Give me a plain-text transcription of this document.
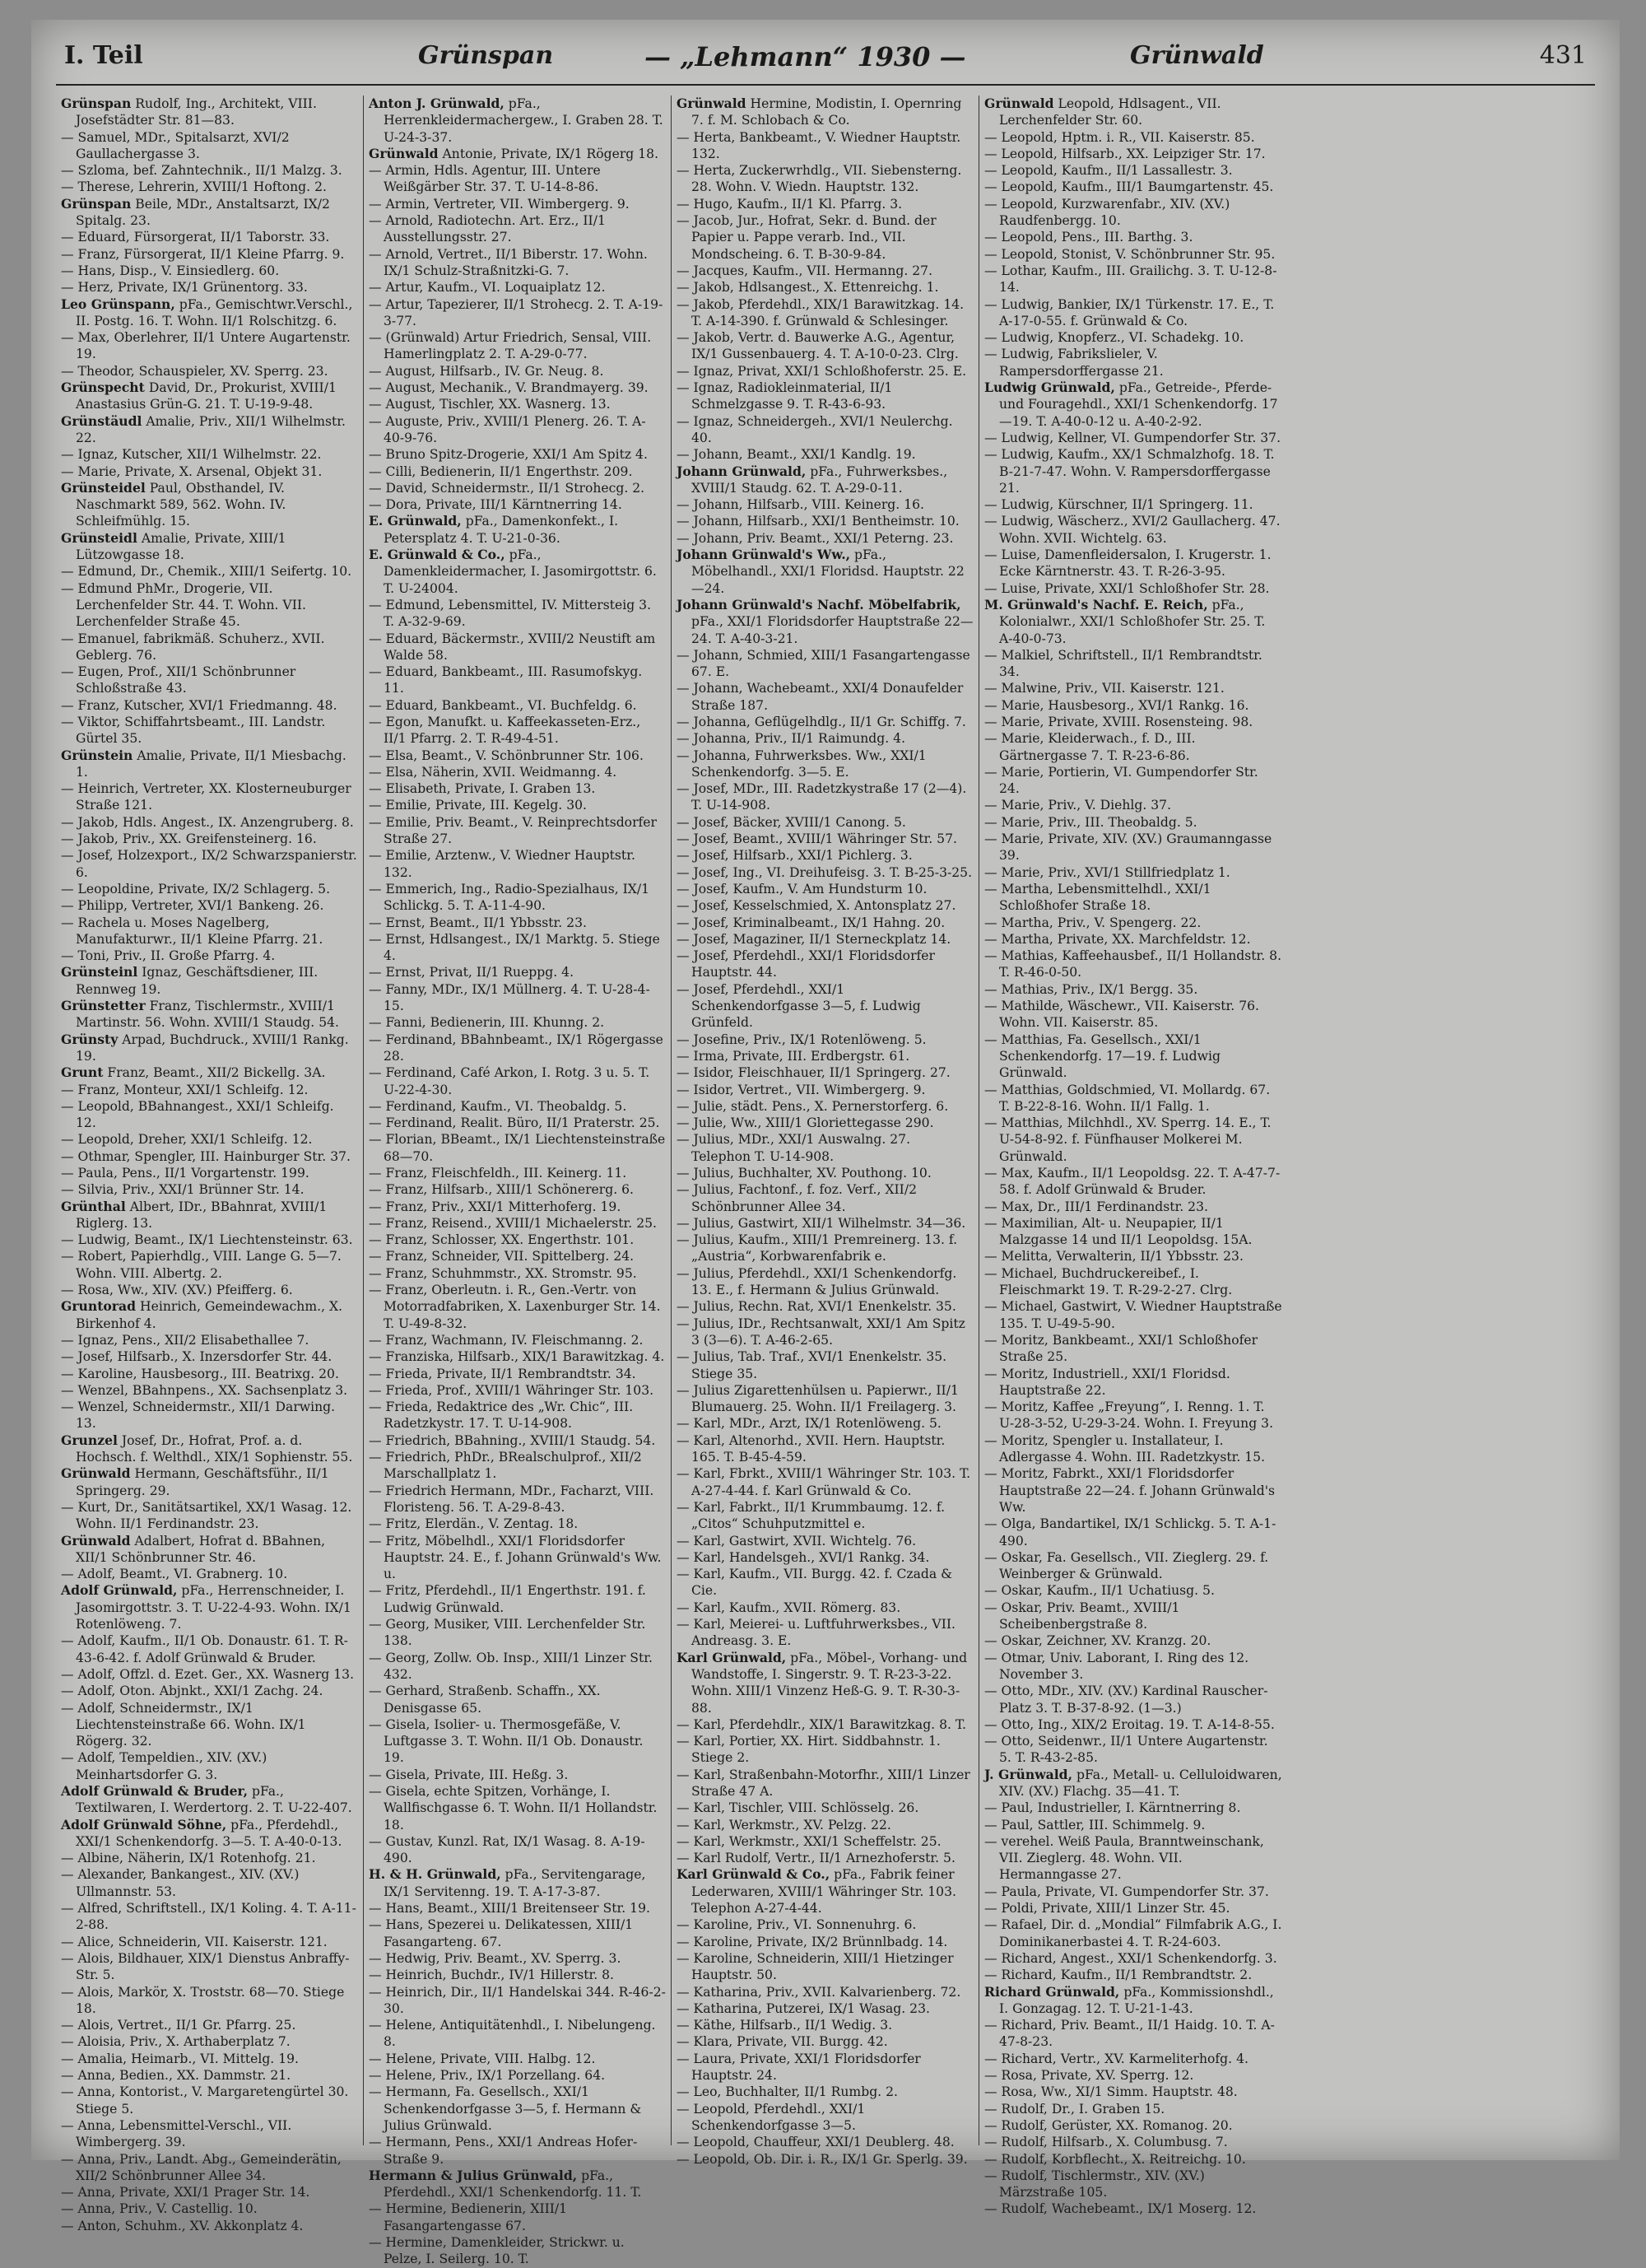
I. Teil	Grünspan	— „Lehmann“ 1930 —	Grünwald	431
Grünspan Rudolf, Ing., Architekt, VIII. Josefstädter Str. 81—83.
— Samuel, MDr., Spitalsarzt, XVI/2 Gaullachergasse 3.
— Szloma, bef. Zahntechnik., II/1 Malzg. 3.
— Therese, Lehrerin, XVIII/1 Hoftong. 2.
Grünspan Beile, MDr., Anstaltsarzt, IX/2 Spitalg. 23.
— Eduard, Fürsorgerat, II/1 Taborstr. 33.
— Franz, Fürsorgerat, II/1 Kleine Pfarrg. 9.
— Hans, Disp., V. Einsiedlerg. 60.
— Herz, Private, IX/1 Grünentorg. 33.
Leo Grünspann, pFa., Gemischtwr.Verschl., II. Postg. 16. T. Wohn. II/1 Rolschitzg. 6.
— Max, Oberlehrer, II/1 Untere Augartenstr. 19.
— Theodor, Schauspieler, XV. Sperrg. 23.
Grünspecht David, Dr., Prokurist, XVIII/1 Anastasius Grün-G. 21. T. U-19-9-48.
Grünstäudl Amalie, Priv., XII/1 Wilhelmstr. 22.
— Ignaz, Kutscher, XII/1 Wilhelmstr. 22.
— Marie, Private, X. Arsenal, Objekt 31.
Grünsteidel Paul, Obsthandel, IV. Naschmarkt 589, 562. Wohn. IV. Schleifmühlg. 15.
Grünsteidl Amalie, Private, XIII/1 Lützowgasse 18.
— Edmund, Dr., Chemik., XIII/1 Seifertg. 10.
— Edmund PhMr., Drogerie, VII. Lerchenfelder Str. 44. T. Wohn. VII. Lerchenfelder Straße 45.
— Emanuel, fabrikmäß. Schuherz., XVII. Geblerg. 76.
— Eugen, Prof., XII/1 Schönbrunner Schloßstraße 43.
— Franz, Kutscher, XVI/1 Friedmanng. 48.
— Viktor, Schiffahrtsbeamt., III. Landstr. Gürtel 35.
Grünstein Amalie, Private, II/1 Miesbachg. 1.
— Heinrich, Vertreter, XX. Klosterneuburger Straße 121.
— Jakob, Hdls. Angest., IX. Anzengruberg. 8.
— Jakob, Priv., XX. Greifensteinerg. 16.
— Josef, Holzexport., IX/2 Schwarzspanierstr. 6.
— Leopoldine, Private, IX/2 Schlagerg. 5.
— Philipp, Vertreter, XVI/1 Bankeng. 26.
— Rachela u. Moses Nagelberg, Manufakturwr., II/1 Kleine Pfarrg. 21.
— Toni, Priv., II. Große Pfarrg. 4.
Grünsteinl Ignaz, Geschäftsdiener, III. Rennweg 19.
Grünstetter Franz, Tischlermstr., XVIII/1 Martinstr. 56. Wohn. XVIII/1 Staudg. 54.
Grünsty Arpad, Buchdruck., XVIII/1 Rankg. 19.
Grunt Franz, Beamt., XII/2 Bickellg. 3A.
— Franz, Monteur, XXI/1 Schleifg. 12.
— Leopold, BBahnangest., XXI/1 Schleifg. 12.
— Leopold, Dreher, XXI/1 Schleifg. 12.
— Othmar, Spengler, III. Hainburger Str. 37.
— Paula, Pens., II/1 Vorgartenstr. 199.
— Silvia, Priv., XXI/1 Brünner Str. 14.
Grünthal Albert, IDr., BBahnrat, XVIII/1 Riglerg. 13.
— Ludwig, Beamt., IX/1 Liechtensteinstr. 63.
— Robert, Papierhdlg., VIII. Lange G. 5—7. Wohn. VIII. Albertg. 2.
— Rosa, Ww., XIV. (XV.) Pfeifferg. 6.
Gruntorad Heinrich, Gemeindewachm., X. Birkenhof 4.
— Ignaz, Pens., XII/2 Elisabethallee 7.
— Josef, Hilfsarb., X. Inzersdorfer Str. 44.
— Karoline, Hausbesorg., III. Beatrixg. 20.
— Wenzel, BBahnpens., XX. Sachsenplatz 3.
— Wenzel, Schneidermstr., XII/1 Darwing. 13.
Grunzel Josef, Dr., Hofrat, Prof. a. d. Hochsch. f. Welthdl., XIX/1 Sophienstr. 55.
Grünwald Hermann, Geschäftsführ., II/1 Springerg. 29.
— Kurt, Dr., Sanitätsartikel, XX/1 Wasag. 12. Wohn. II/1 Ferdinandstr. 23.
Grünwald Adalbert, Hofrat d. BBahnen, XII/1 Schönbrunner Str. 46.
— Adolf, Beamt., VI. Grabnerg. 10.
Adolf Grünwald, pFa., Herrenschneider, I. Jasomirgottstr. 3. T. U-22-4-93. Wohn. IX/1 Rotenlöweng. 7.
— Adolf, Kaufm., II/1 Ob. Donaustr. 61. T. R-43-6-42. f. Adolf Grünwald & Bruder.
— Adolf, Offzl. d. Ezet. Ger., XX. Wasnerg 13.
— Adolf, Oton. Abjnkt., XXI/1 Zachg. 24.
— Adolf, Schneidermstr., IX/1 Liechtensteinstraße 66. Wohn. IX/1 Rögerg. 32.
— Adolf, Tempeldien., XIV. (XV.) Meinhartsdorfer G. 3.
Adolf Grünwald & Bruder, pFa., Textilwaren, I. Werdertorg. 2. T. U-22-407.
Adolf Grünwald Söhne, pFa., Pferdehdl., XXI/1 Schenkendorfg. 3—5. T. A-40-0-13.
— Albine, Näherin, IX/1 Rotenhofg. 21.
— Alexander, Bankangest., XIV. (XV.) Ullmannstr. 53.
— Alfred, Schriftstell., IX/1 Koling. 4. T. A-11-2-88.
— Alice, Schneiderin, VII. Kaiserstr. 121.
— Alois, Bildhauer, XIX/1 Dienstus Anbraffy-Str. 5.
— Alois, Markör, X. Troststr. 68—70. Stiege 18.
— Alois, Vertret., II/1 Gr. Pfarrg. 25.
— Aloisia, Priv., X. Arthaberplatz 7.
— Amalia, Heimarb., VI. Mittelg. 19.
— Anna, Bedien., XX. Dammstr. 21.
— Anna, Kontorist., V. Margaretengürtel 30. Stiege 5.
— Anna, Lebensmittel-Verschl., VII. Wimbergerg. 39.
— Anna, Priv., Landt. Abg., Gemeinderätin, XII/2 Schönbrunner Allee 34.
— Anna, Private, XXI/1 Prager Str. 14.
— Anna, Priv., V. Castellig. 10.
— Anton, Schuhm., XV. Akkonplatz 4.
Anton J. Grünwald, pFa., Herrenkleidermachergew., I. Graben 28. T. U-24-3-37.
Grünwald Antonie, Private, IX/1 Rögerg 18.
— Armin, Hdls. Agentur, III. Untere Weißgärber Str. 37. T. U-14-8-86.
— Armin, Vertreter, VII. Wimbergerg. 9.
— Arnold, Radiotechn. Art. Erz., II/1 Ausstellungsstr. 27.
— Arnold, Vertret., II/1 Biberstr. 17. Wohn. IX/1 Schulz-Straßnitzki-G. 7.
— Artur, Kaufm., VI. Loquaiplatz 12.
— Artur, Tapezierer, II/1 Strohecg. 2. T. A-19-3-77.
— (Grünwald) Artur Friedrich, Sensal, VIII. Hamerlingplatz 2. T. A-29-0-77.
— August, Hilfsarb., IV. Gr. Neug. 8.
— August, Mechanik., V. Brandmayerg. 39.
— August, Tischler, XX. Wasnerg. 13.
— Auguste, Priv., XVIII/1 Plenerg. 26. T. A-40-9-76.
— Bruno Spitz-Drogerie, XXI/1 Am Spitz 4.
— Cilli, Bedienerin, II/1 Engerthstr. 209.
— David, Schneidermstr., II/1 Strohecg. 2.
— Dora, Private, III/1 Kärntnerring 14.
E. Grünwald, pFa., Damenkonfekt., I. Petersplatz 4. T. U-21-0-36.
E. Grünwald & Co., pFa., Damenkleidermacher, I. Jasomirgottstr. 6. T. U-24004.
— Edmund, Lebensmittel, IV. Mittersteig 3. T. A-32-9-69.
— Eduard, Bäckermstr., XVIII/2 Neustift am Walde 58.
— Eduard, Bankbeamt., III. Rasumofskyg. 11.
— Eduard, Bankbeamt., VI. Buchfeldg. 6.
— Egon, Manufkt. u. Kaffeekasseten-Erz., II/1 Pfarrg. 2. T. R-49-4-51.
— Elsa, Beamt., V. Schönbrunner Str. 106.
— Elsa, Näherin, XVII. Weidmanng. 4.
— Elisabeth, Private, I. Graben 13.
— Emilie, Private, III. Kegelg. 30.
— Emilie, Priv. Beamt., V. Reinprechtsdorfer Straße 27.
— Emilie, Arztenw., V. Wiedner Hauptstr. 132.
— Emmerich, Ing., Radio-Spezialhaus, IX/1 Schlickg. 5. T. A-11-4-90.
— Ernst, Beamt., II/1 Ybbsstr. 23.
— Ernst, Hdlsangest., IX/1 Marktg. 5. Stiege 4.
— Ernst, Privat, II/1 Rueppg. 4.
— Fanny, MDr., IX/1 Müllnerg. 4. T. U-28-4-15.
— Fanni, Bedienerin, III. Khunng. 2.
— Ferdinand, BBahnbeamt., IX/1 Rögergasse 28.
— Ferdinand, Café Arkon, I. Rotg. 3 u. 5. T. U-22-4-30.
— Ferdinand, Kaufm., VI. Theobaldg. 5.
— Ferdinand, Realit. Büro, II/1 Praterstr. 25.
— Florian, BBeamt., IX/1 Liechtensteinstraße 68—70.
— Franz, Fleischfeldh., III. Keinerg. 11.
— Franz, Hilfsarb., XIII/1 Schönererg. 6.
— Franz, Priv., XXI/1 Mitterhoferg. 19.
— Franz, Reisend., XVIII/1 Michaelerstr. 25.
— Franz, Schlosser, XX. Engerthstr. 101.
— Franz, Schneider, VII. Spittelberg. 24.
— Franz, Schuhmmstr., XX. Stromstr. 95.
— Franz, Oberleutn. i. R., Gen.-Vertr. von Motorradfabriken, X. Laxenburger Str. 14. T. U-49-8-32.
— Franz, Wachmann, IV. Fleischmanng. 2.
— Franziska, Hilfsarb., XIX/1 Barawitzkag. 4.
— Frieda, Private, II/1 Rembrandtstr. 34.
— Frieda, Prof., XVIII/1 Währinger Str. 103.
— Frieda, Redaktrice des „Wr. Chic“, III. Radetzkystr. 17. T. U-14-908.
— Friedrich, BBahning., XVIII/1 Staudg. 54.
— Friedrich, PhDr., BRealschulprof., XII/2 Marschallplatz 1.
— Friedrich Hermann, MDr., Facharzt, VIII. Floristeng. 56. T. A-29-8-43.
— Fritz, Elerdän., V. Zentag. 18.
— Fritz, Möbelhdl., XXI/1 Floridsdorfer Hauptstr. 24. E., f. Johann Grünwald's Ww. u.
— Fritz, Pferdehdl., II/1 Engerthstr. 191. f. Ludwig Grünwald.
— Georg, Musiker, VIII. Lerchenfelder Str. 138.
— Georg, Zollw. Ob. Insp., XIII/1 Linzer Str. 432.
— Gerhard, Straßenb. Schaffn., XX. Denisgasse 65.
— Gisela, Isolier- u. Thermosgefäße, V. Luftgasse 3. T. Wohn. II/1 Ob. Donaustr. 19.
— Gisela, Private, III. Heßg. 3.
— Gisela, echte Spitzen, Vorhänge, I. Wallfischgasse 6. T. Wohn. II/1 Hollandstr. 18.
— Gustav, Kunzl. Rat, IX/1 Wasag. 8. A-19-490.
H. & H. Grünwald, pFa., Servitengarage, IX/1 Servitenng. 19. T. A-17-3-87.
— Hans, Beamt., XIII/1 Breitenseer Str. 19.
— Hans, Spezerei u. Delikatessen, XIII/1 Fasangarteng. 67.
— Hedwig, Priv. Beamt., XV. Sperrg. 3.
— Heinrich, Buchdr., IV/1 Hillerstr. 8.
— Heinrich, Dir., II/1 Handelskai 344. R-46-2-30.
— Helene, Antiquitätenhdl., I. Nibelungeng. 8.
— Helene, Private, VIII. Halbg. 12.
— Helene, Priv., IX/1 Porzellang. 64.
— Hermann, Fa. Gesellsch., XXI/1 Schenkendorfgasse 3—5, f. Hermann & Julius Grünwald.
— Hermann, Pens., XXI/1 Andreas Hofer-Straße 9.
Hermann & Julius Grünwald, pFa., Pferdehdl., XXI/1 Schenkendorfg. 11. T.
— Hermine, Bedienerin, XIII/1 Fasangartengasse 67.
— Hermine, Damenkleider, Strickwr. u. Pelze, I. Seilerg. 10. T.
Grünwald Hermine, Modistin, I. Opernring 7. f. M. Schlobach & Co.
— Herta, Bankbeamt., V. Wiedner Hauptstr. 132.
— Herta, Zuckerwrhdlg., VII. Siebensterng. 28. Wohn. V. Wiedn. Hauptstr. 132.
— Hugo, Kaufm., II/1 Kl. Pfarrg. 3.
— Jacob, Jur., Hofrat, Sekr. d. Bund. der Papier u. Pappe verarb. Ind., VII. Mondscheing. 6. T. B-30-9-84.
— Jacques, Kaufm., VII. Hermanng. 27.
— Jakob, Hdlsangest., X. Ettenreichg. 1.
— Jakob, Pferdehdl., XIX/1 Barawitzkag. 14. T. A-14-390. f. Grünwald & Schlesinger.
— Jakob, Vertr. d. Bauwerke A.G., Agentur, IX/1 Gussenbauerg. 4. T. A-10-0-23. Clrg.
— Ignaz, Privat, XXI/1 Schloßhoferstr. 25. E.
— Ignaz, Radiokleinmaterial, II/1 Schmelzgasse 9. T. R-43-6-93.
— Ignaz, Schneidergeh., XVI/1 Neulerchg. 40.
— Johann, Beamt., XXI/1 Kandlg. 19.
Johann Grünwald, pFa., Fuhrwerksbes., XVIII/1 Staudg. 62. T. A-29-0-11.
— Johann, Hilfsarb., VIII. Keinerg. 16.
— Johann, Hilfsarb., XXI/1 Bentheimstr. 10.
— Johann, Priv. Beamt., XXI/1 Peterng. 23.
Johann Grünwald's Ww., pFa., Möbelhandl., XXI/1 Floridsd. Hauptstr. 22—24.
Johann Grünwald's Nachf. Möbelfabrik, pFa., XXI/1 Floridsdorfer Hauptstraße 22—24. T. A-40-3-21.
— Johann, Schmied, XIII/1 Fasangartengasse 67. E.
— Johann, Wachebeamt., XXI/4 Donaufelder Straße 187.
— Johanna, Geflügelhdlg., II/1 Gr. Schiffg. 7.
— Johanna, Priv., II/1 Raimundg. 4.
— Johanna, Fuhrwerksbes. Ww., XXI/1 Schenkendorfg. 3—5. E.
— Josef, MDr., III. Radetzkystraße 17 (2—4). T. U-14-908.
— Josef, Bäcker, XVIII/1 Canong. 5.
— Josef, Beamt., XVIII/1 Währinger Str. 57.
— Josef, Hilfsarb., XXI/1 Pichlerg. 3.
— Josef, Ing., VI. Dreihufeisg. 3. T. B-25-3-25.
— Josef, Kaufm., V. Am Hundsturm 10.
— Josef, Kesselschmied, X. Antonsplatz 27.
— Josef, Kriminalbeamt., IX/1 Hahng. 20.
— Josef, Magaziner, II/1 Sterneckplatz 14.
— Josef, Pferdehdl., XXI/1 Floridsdorfer Hauptstr. 44.
— Josef, Pferdehdl., XXI/1 Schenkendorfgasse 3—5, f. Ludwig Grünfeld.
— Josefine, Priv., IX/1 Rotenlöweng. 5.
— Irma, Private, III. Erdbergstr. 61.
— Isidor, Fleischhauer, II/1 Springerg. 27.
— Isidor, Vertret., VII. Wimbergerg. 9.
— Julie, städt. Pens., X. Pernerstorferg. 6.
— Julie, Ww., XIII/1 Gloriettegasse 290.
— Julius, MDr., XXI/1 Auswalng. 27. Telephon T. U-14-908.
— Julius, Buchhalter, XV. Pouthong. 10.
— Julius, Fachtonf., f. foz. Verf., XII/2 Schönbrunner Allee 34.
— Julius, Gastwirt, XII/1 Wilhelmstr. 34—36.
— Julius, Kaufm., XIII/1 Premreinerg. 13. f. „Austria“, Korbwarenfabrik e.
— Julius, Pferdehdl., XXI/1 Schenkendorfg. 13. E., f. Hermann & Julius Grünwald.
— Julius, Rechn. Rat, XVI/1 Enenkelstr. 35.
— Julius, IDr., Rechtsanwalt, XXI/1 Am Spitz 3 (3—6). T. A-46-2-65.
— Julius, Tab. Traf., XVI/1 Enenkelstr. 35. Stiege 35.
— Julius Zigarettenhülsen u. Papierwr., II/1 Blumauerg. 25. Wohn. II/1 Freilagerg. 3.
— Karl, MDr., Arzt, IX/1 Rotenlöweng. 5.
— Karl, Altenorhd., XVII. Hern. Hauptstr. 165. T. B-45-4-59.
— Karl, Fbrkt., XVIII/1 Währinger Str. 103. T. A-27-4-44. f. Karl Grünwald & Co.
— Karl, Fabrkt., II/1 Krummbaumg. 12. f. „Citos“ Schuhputzmittel e.
— Karl, Gastwirt, XVII. Wichtelg. 76.
— Karl, Handelsgeh., XVI/1 Rankg. 34.
— Karl, Kaufm., VII. Burgg. 42. f. Czada & Cie.
— Karl, Kaufm., XVII. Römerg. 83.
— Karl, Meierei- u. Luftfuhrwerksbes., VII. Andreasg. 3. E.
Karl Grünwald, pFa., Möbel-, Vorhang- und Wandstoffe, I. Singerstr. 9. T. R-23-3-22. Wohn. XIII/1 Vinzenz Heß-G. 9. T. R-30-3-88.
— Karl, Pferdehdlr., XIX/1 Barawitzkag. 8. T.
— Karl, Portier, XX. Hirt. Siddbahnstr. 1. Stiege 2.
— Karl, Straßenbahn-Motorfhr., XIII/1 Linzer Straße 47 A.
— Karl, Tischler, VIII. Schlösselg. 26.
— Karl, Werkmstr., XV. Pelzg. 22.
— Karl, Werkmstr., XXI/1 Scheffelstr. 25.
— Karl Rudolf, Vertr., II/1 Arnezhoferstr. 5.
Karl Grünwald & Co., pFa., Fabrik feiner Lederwaren, XVIII/1 Währinger Str. 103. Telephon A-27-4-44.
— Karoline, Priv., VI. Sonnenuhrg. 6.
— Karoline, Private, IX/2 Brünnlbadg. 14.
— Karoline, Schneiderin, XIII/1 Hietzinger Hauptstr. 50.
— Katharina, Priv., XVII. Kalvarienberg. 72.
— Katharina, Putzerei, IX/1 Wasag. 23.
— Käthe, Hilfsarb., II/1 Wedig. 3.
— Klara, Private, VII. Burgg. 42.
— Laura, Private, XXI/1 Floridsdorfer Hauptstr. 24.
— Leo, Buchhalter, II/1 Rumbg. 2.
— Leopold, Pferdehdl., XXI/1 Schenkendorfgasse 3—5.
— Leopold, Chauffeur, XXI/1 Deublerg. 48.
— Leopold, Ob. Dir. i. R., IX/1 Gr. Sperlg. 39.
Grünwald Leopold, Hdlsagent., VII. Lerchenfelder Str. 60.
— Leopold, Hptm. i. R., VII. Kaiserstr. 85.
— Leopold, Hilfsarb., XX. Leipziger Str. 17.
— Leopold, Kaufm., II/1 Lassallestr. 3.
— Leopold, Kaufm., III/1 Baumgartenstr. 45.
— Leopold, Kurzwarenfabr., XIV. (XV.) Raudfenbergg. 10.
— Leopold, Pens., III. Barthg. 3.
— Leopold, Stonist, V. Schönbrunner Str. 95.
— Lothar, Kaufm., III. Grailichg. 3. T. U-12-8-14.
— Ludwig, Bankier, IX/1 Türkenstr. 17. E., T. A-17-0-55. f. Grünwald & Co.
— Ludwig, Knopferz., VI. Schadekg. 10.
— Ludwig, Fabrikslieler, V. Rampersdorffergasse 21.
Ludwig Grünwald, pFa., Getreide-, Pferde- und Fouragehdl., XXI/1 Schenkendorfg. 17—19. T. A-40-0-12 u. A-40-2-92.
— Ludwig, Kellner, VI. Gumpendorfer Str. 37.
— Ludwig, Kaufm., XX/1 Schmalzhofg. 18. T. B-21-7-47. Wohn. V. Rampersdorffergasse 21.
— Ludwig, Kürschner, II/1 Springerg. 11.
— Ludwig, Wäscherz., XVI/2 Gaullacherg. 47. Wohn. XVII. Wichtelg. 63.
— Luise, Damenfleidersalon, I. Krugerstr. 1. Ecke Kärntnerstr. 43. T. R-26-3-95.
— Luise, Private, XXI/1 Schloßhofer Str. 28.
M. Grünwald's Nachf. E. Reich, pFa., Kolonialwr., XXI/1 Schloßhofer Str. 25. T. A-40-0-73.
— Malkiel, Schriftstell., II/1 Rembrandtstr. 34.
— Malwine, Priv., VII. Kaiserstr. 121.
— Marie, Hausbesorg., XVI/1 Rankg. 16.
— Marie, Private, XVIII. Rosensteing. 98.
— Marie, Kleiderwach., f. D., III. Gärtnergasse 7. T. R-23-6-86.
— Marie, Portierin, VI. Gumpendorfer Str. 24.
— Marie, Priv., V. Diehlg. 37.
— Marie, Priv., III. Theobaldg. 5.
— Marie, Private, XIV. (XV.) Graumanngasse 39.
— Marie, Priv., XVI/1 Stillfriedplatz 1.
— Martha, Lebensmittelhdl., XXI/1 Schloßhofer Straße 18.
— Martha, Priv., V. Spengerg. 22.
— Martha, Private, XX. Marchfeldstr. 12.
— Mathias, Kaffeehausbef., II/1 Hollandstr. 8. T. R-46-0-50.
— Mathias, Priv., IX/1 Bergg. 35.
— Mathilde, Wäschewr., VII. Kaiserstr. 76. Wohn. VII. Kaiserstr. 85.
— Matthias, Fa. Gesellsch., XXI/1 Schenkendorfg. 17—19. f. Ludwig Grünwald.
— Matthias, Goldschmied, VI. Mollardg. 67. T. B-22-8-16. Wohn. II/1 Fallg. 1.
— Matthias, Milchhdl., XV. Sperrg. 14. E., T. U-54-8-92. f. Fünfhauser Molkerei M. Grünwald.
— Max, Kaufm., II/1 Leopoldsg. 22. T. A-47-7-58. f. Adolf Grünwald & Bruder.
— Max, Dr., III/1 Ferdinandstr. 23.
— Maximilian, Alt- u. Neupapier, II/1 Malzgasse 14 und II/1 Leopoldsg. 15A.
— Melitta, Verwalterin, II/1 Ybbsstr. 23.
— Michael, Buchdruckereibef., I. Fleischmarkt 19. T. R-29-2-27. Clrg.
— Michael, Gastwirt, V. Wiedner Hauptstraße 135. T. U-49-5-90.
— Moritz, Bankbeamt., XXI/1 Schloßhofer Straße 25.
— Moritz, Industriell., XXI/1 Floridsd. Hauptstraße 22.
— Moritz, Kaffee „Freyung“, I. Renng. 1. T. U-28-3-52, U-29-3-24. Wohn. I. Freyung 3.
— Moritz, Spengler u. Installateur, I. Adlergasse 4. Wohn. III. Radetzkystr. 15.
— Moritz, Fabrkt., XXI/1 Floridsdorfer Hauptstraße 22—24. f. Johann Grünwald's Ww.
— Olga, Bandartikel, IX/1 Schlickg. 5. T. A-1-490.
— Oskar, Fa. Gesellsch., VII. Zieglerg. 29. f. Weinberger & Grünwald.
— Oskar, Kaufm., II/1 Uchatiusg. 5.
— Oskar, Priv. Beamt., XVIII/1 Scheibenbergstraße 8.
— Oskar, Zeichner, XV. Kranzg. 20.
— Otmar, Univ. Laborant, I. Ring des 12. November 3.
— Otto, MDr., XIV. (XV.) Kardinal Rauscher-Platz 3. T. B-37-8-92. (1—3.)
— Otto, Ing., XIX/2 Eroitag. 19. T. A-14-8-55.
— Otto, Seidenwr., II/1 Untere Augartenstr. 5. T. R-43-2-85.
J. Grünwald, pFa., Metall- u. Celluloidwaren, XIV. (XV.) Flachg. 35—41. T.
— Paul, Industrieller, I. Kärntnerring 8.
— Paul, Sattler, III. Schimmelg. 9.
— verehel. Weiß Paula, Branntweinschank, VII. Zieglerg. 48. Wohn. VII. Hermanngasse 27.
— Paula, Private, VI. Gumpendorfer Str. 37.
— Poldi, Private, XIII/1 Linzer Str. 45.
— Rafael, Dir. d. „Mondial“ Filmfabrik A.G., I. Dominikanerbastei 4. T. R-24-603.
— Richard, Angest., XXI/1 Schenkendorfg. 3.
— Richard, Kaufm., II/1 Rembrandtstr. 2.
Richard Grünwald, pFa., Kommissionshdl., I. Gonzagag. 12. T. U-21-1-43.
— Richard, Priv. Beamt., II/1 Haidg. 10. T. A-47-8-23.
— Richard, Vertr., XV. Karmeliterhofg. 4.
— Rosa, Private, XV. Sperrg. 12.
— Rosa, Ww., XI/1 Simm. Hauptstr. 48.
— Rudolf, Dr., I. Graben 15.
— Rudolf, Gerüster, XX. Romanog. 20.
— Rudolf, Hilfsarb., X. Columbusg. 7.
— Rudolf, Korbflecht., X. Reitreichg. 10.
— Rudolf, Tischlermstr., XIV. (XV.) Märzstraße 105.
— Rudolf, Wachebeamt., IX/1 Moserg. 12.
